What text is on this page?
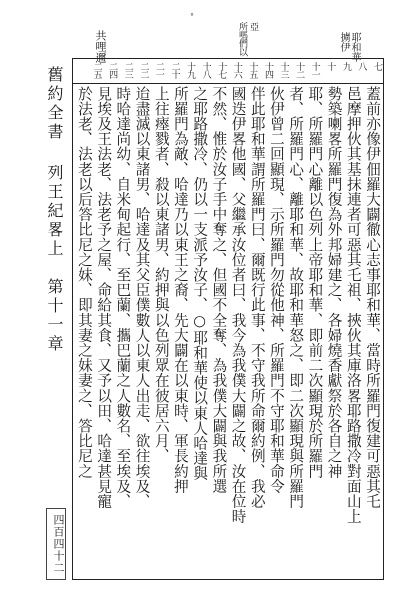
°
共哩邇
亞
所嗎們以	耶和華
擄伊
舊約全書 列王紀畧上　第十一章
四百四十二
七
八
九
十
十一
十二
十三
十四
十五
十六
十七
十八
十九
二十
二一
二二
二三
二四
二五
蓋前亦像伊佃羅大闢徹心志事耶和華、當時所羅門復建可惡其乇
邑摩押伙其基抹連者可惡其乇祖、挾伙其庫洛畧耶路撒冷對面山上
勢築喇畧所羅門復為外邦婦建之、各婦燒香獻祭於各自之神
耶、所羅門心離以色列上帝耶和華、即前二次顯現於所羅門
者、所羅門心、離耶和華、故耶和華怒之、即二次顯現與所羅門
伙伊曾二回顯現、示所羅門勿從他神、所羅門不守耶和華命令
伴此耶和華謂所羅門曰、爾既行此事、不守我所命爾約例、我必
國迭伊畧他國、父繼承汝位者曰、我今為我僕大闢之故、汝在位時
不然、惟於汝子手中奪之、但國不全奪、為我僕大闢與我所選
之耶路撒冷、仍以一支派予汝子、○耶和華使以東人哈達與
所羅門為敵、哈達乃以東王之裔、先大闢在以東時、軍長約押
上往瘞戮者、殺以東諸男、約押與以色列眾在彼居六月、
迨盡滅以東諸男、哈達及其父臣僕數人以東人出走、欲往埃及、
時哈達尚幼、自米甸起行、至巴蘭、攜巴蘭之人數名、至埃及、
見埃及王法老、法老予之屋、命給其食、又予以田、哈達甚見寵
於法老、法老以后答比尼之妹、即其妻之妹妻之、答比尼之
